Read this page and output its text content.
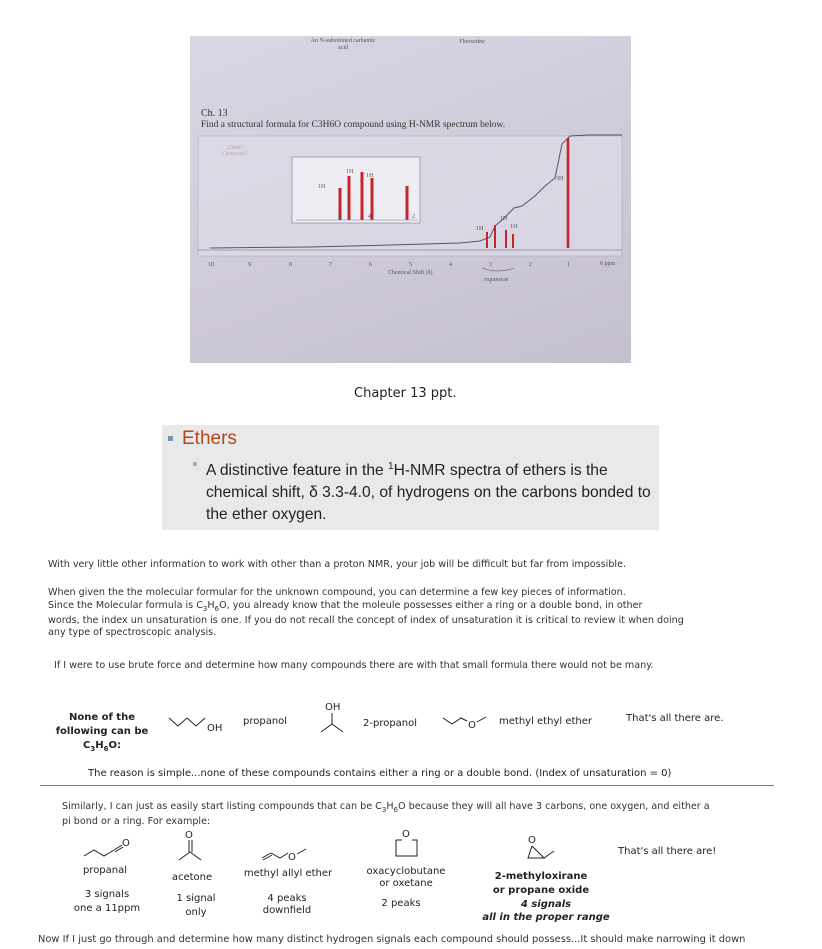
An N-substituted carbamic acid
Fluoxetine
Ch. 13
Find a structural formula for C3H6O compound using H-NMR spectrum below.
1H
1H
1H
1H
1H
1H
3H
6	4	2
10	9	8	7	6	5	4	3	2	1	0 ppm
Chemical Shift (δ)
expansion
Chapter 13 ppt.
Ethers
A distinctive feature in the $^1$H-NMR spectra of ethers is the chemical shift, δ 3.3-4.0, of hydrogens on the carbons bonded to the ether oxygen.
With very little other information to work with other than a proton NMR, your job will be difficult but far from impossible.
When given the the molecular formular for the unknown compound, you can determine a few key pieces of information.
Since the Molecular formula is $C_3H_6O$, you already know that the moleule possesses either a ring or a double bond, in other
words, the index un unsaturation is one. If you do not recall the concept of index of unsaturation it is critical to review it when doing
any type of spectroscopic analysis.
If I were to use brute force and determine how many compounds there are with that small formula there would not be many.
None of the
following can be
$C_3H_6O$:
OH
propanol
OH
2-propanol	O methyl ethyl ether	That's all there are.
The reason is simple...none of these compounds contains either a ring or a double bond. (Index of unsaturation = 0)
Similarly, I can just as easily start listing compounds that can be $C_3H_6O$ because they will all have 3 carbons, one oxygen, and either a
pi bond or a ring. For example:
O
propanal
3 signals
one a 11ppm
O
acetone
1 signal
only
O
methyl allyl ether
4 peaks
downfield
O
oxacyclobutane
or oxetane
2 peaks
O
2-methyloxirane
or propane oxide
4 signals
all in the proper range
That's all there are!
Now If I just go through and determine how many distinct hydrogen signals each compound should possess...It should make narrowing it down
